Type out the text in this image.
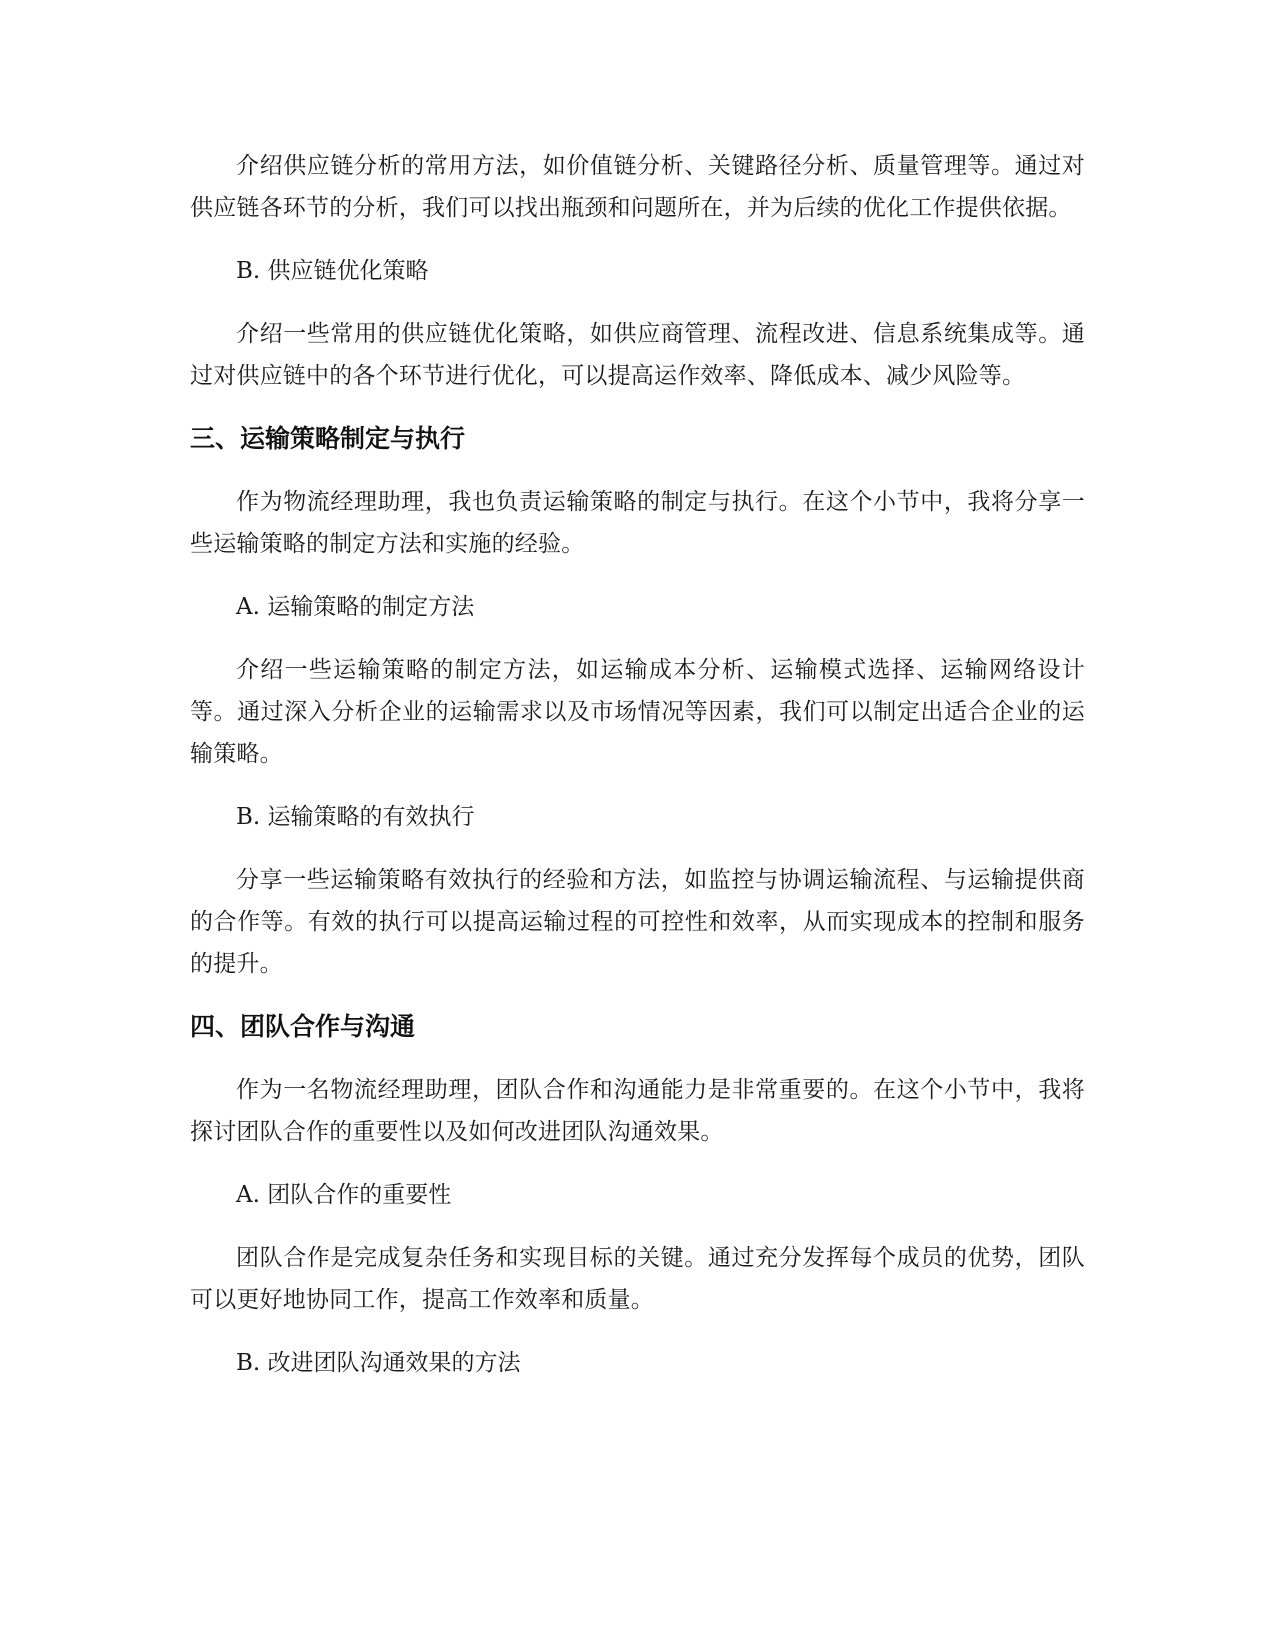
介绍供应链分析的常用方法，如价值链分析、关键路径分析、质量管理等。通过对供应链各环节的分析，我们可以找出瓶颈和问题所在，并为后续的优化工作提供依据。

B. 供应链优化策略

介绍一些常用的供应链优化策略，如供应商管理、流程改进、信息系统集成等。通过对供应链中的各个环节进行优化，可以提高运作效率、降低成本、减少风险等。

三、运输策略制定与执行

作为物流经理助理，我也负责运输策略的制定与执行。在这个小节中，我将分享一些运输策略的制定方法和实施的经验。

A. 运输策略的制定方法

介绍一些运输策略的制定方法，如运输成本分析、运输模式选择、运输网络设计等。通过深入分析企业的运输需求以及市场情况等因素，我们可以制定出适合企业的运输策略。

B. 运输策略的有效执行

分享一些运输策略有效执行的经验和方法，如监控与协调运输流程、与运输提供商的合作等。有效的执行可以提高运输过程的可控性和效率，从而实现成本的控制和服务的提升。

四、团队合作与沟通

作为一名物流经理助理，团队合作和沟通能力是非常重要的。在这个小节中，我将探讨团队合作的重要性以及如何改进团队沟通效果。

A. 团队合作的重要性

团队合作是完成复杂任务和实现目标的关键。通过充分发挥每个成员的优势，团队可以更好地协同工作，提高工作效率和质量。

B. 改进团队沟通效果的方法
